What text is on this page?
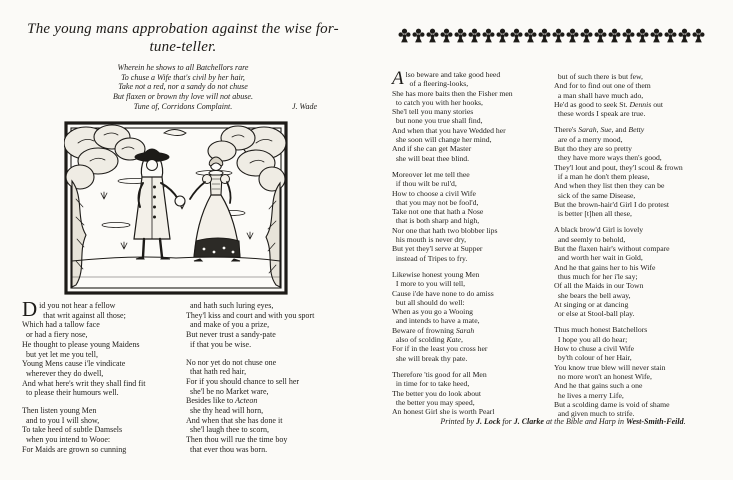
The young mans approbation against the wise for-
tune-teller.
Wherein he shows to all Batchellors rare
To chuse a Wife that's civil by her hair,
Take not a red, nor a sandy do not chuse
But flaxen or brown thy love will not abuse.
Tune of, Corridons Complaint.	J. Wade
D id you not hear a fellow
that writ against all those;
Which had a tallow face
or had a fiery nose,
He thought to please young Maidens
but yet let me you tell,
Young Mens cause i'le vindicate
wherever they do dwell,
And what here's writ they shall find fit
to please their humours well.
Then listen young Men
and to you I will show,
To take heed of subtle Damsels
when you intend to Wooe:
For Maids are grown so cunning
and hath such luring eyes,
They'l kiss and court and with you sport
and make of you a prize,
But never trust a sandy-pate
if that you be wise.
No nor yet do not chuse one
that hath red hair,
For if you should chance to sell her
she'l be no Market ware,
Besides like to Acteon
she thy head will horn,
And when that she has done it
she'l laugh thee to scorn,
Then thou will rue the time boy
that ever thou was born.
A lso beware and take good heed
of a fleering-looks,
She has more baits then the Fisher men
to catch you with her hooks,
She'l tell you many stories
but none you true shall find,
And when that you have Wedded her
she soon will change her mind,
And if she can get Master
she will beat thee blind.
Moreover let me tell thee
if thou wilt be rul'd,
How to choose a civil Wife
that you may not be fool'd,
Take not one that hath a Nose
that is both sharp and high,
Nor one that hath two blobber lips
his mouth is never dry,
But yet they'l serve at Supper
instead of Tripes to fry.
Likewise honest young Men
I more to you will tell,
Cause i'de have none to do amiss
but all should do well:
When as you go a Wooing
and intends to have a mate,
Beware of frowning Sarah
also of scolding Kate,
For if in the least you cross her
she will break thy pate.
Therefore 'tis good for all Men
in time for to take heed,
The better you do look about
the better you may speed,
An honest Girl she is worth Pearl
but of such there is but few,
And for to find out one of them
a man shall have much ado,
He'd as good to seek St. Dennis out
these words I speak are true.
There's Sarah, Sue, and Betty
are of a merry mood,
But tho they are so pretty
they have more ways then's good,
They'l lout and pout, they'l scoul & frown
if a man he don't them please,
And when they list then they can be
sick of the same Disease,
But the brown-hair'd Girl I do protest
is better [t]hen all these,
A black brow'd Girl is lovely
and seemly to behold,
But the flaxen hair's without compare
and worth her wait in Gold,
And he that gains her to his Wife
thus much for her i'le say;
Of all the Maids in our Town
she bears the bell away,
At singing or at dancing
or else at Stool-ball play.
Thus much honest Batchellors
I hope you all do hear;
How to chuse a civil Wife
by'th colour of her Hair,
You know true blew will never stain
no more won't an honest Wife,
And he that gains such a one
he lives a merry Life,
But a scolding dame is void of shame
and given much to strife.
Printed by J. Lock for J. Clarke at the Bible and Harp in West-Smith-Feild.
